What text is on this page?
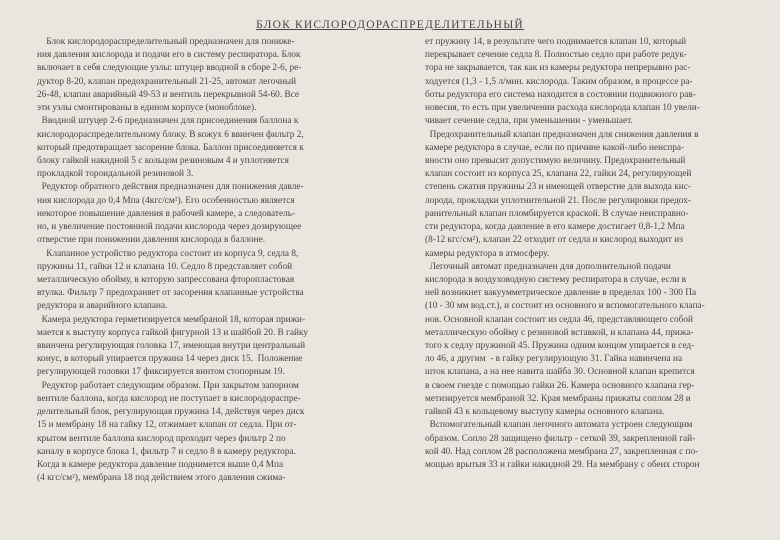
БЛОК КИСЛОРОДОРАСПРЕДЕЛИТЕЛЬНЫЙ
Блок кислородораспределительный предназначен для пониже-
ния давления кислорода и подачи его в систему респиратора. Блок
включает в себя следующие узлы: штуцер вводной в сборе 2-6, ре-
дуктор 8-20, клапан предохранительный 21-25, автомат легочный
26-48, клапан аварийный 49-53 и вентиль перекрывной 54-60. Все
эти узлы смонтированы в едином корпусе (моноблоке).
Вводной штуцер 2-6 предназначен для присоединения баллона к
кислородораспределительному блоку. В кожух 6 ввинчен фильтр 2,
который предотвращает засорение блока. Баллон присоединяется к
блоку гайкой накидной 5 с кольцом резиновым 4 и уплотняется
прокладкой тороидальной резиновой 3.
Редуктор обратного действия предназначен для понижения давле-
ния кислорода до 0,4 Мпа (4кгс/см²). Его особенностью является
некоторое повышение давления в рабочей камере, а следователь-
но, и увеличение постоянной подачи кислорода через дозирующее
отверстие при понижении давления кислорода в баллоне.
Клапанное устройство редуктора состоит из корпуса 9, седла 8,
пружины 11, гайки 12 и клапана 10. Седло 8 представляет собой
металлическую обойму, в которую запрессована фторопластовая
втулка. Фильтр 7 предохраняет от засорения клапанные устройства
редуктора и аварийного клапана.
Камера редуктора герметизируется мембраной 18, которая прижи-
мается к выступу корпуса гайкой фигурной 13 и шайбой 20. В гайку
ввинчена регулирующая головка 17, имеющая внутри центральный
конус, в который упирается пружина 14 через диск 15.  Положение
регулирующей головки 17 фиксируется винтом стопорным 19.
Редуктор работает следующим образом. При закрытом запорном
вентиле баллона, когда кислород не поступает в кислородораспре-
делительный блок, регулирующая пружина 14, действуя через диск
15 и мембрану 18 на гайку 12, отжимает клапан от седла. При от-
крытом вентиле баллона кислород проходит через фильтр 2 по
каналу в корпусе блока 1, фильтр 7 и седло 8 в камеру редуктора.
Когда в камере редуктора давление поднимется выше 0,4 Мпа
(4 кгс/см²), мембрана 18 под действием этого давления сжима-
ет пружину 14, в результате чего поднимается клапан 10, который
перекрывает сечение седла 8. Полностью седло при работе редук-
тора не закрывается, так как из камеры редуктора непрерывно рас-
ходуется (1,3 - 1,5 л/мин. кислорода. Таким образом, в процессе ра-
боты редуктора его система находится в состоянии подвижного рав-
новесия, то есть при увеличении расхода кислорода клапан 10 увели-
чивает сечение седла, при уменьшении - уменьшает.
Предохранительный клапан предназначен для снижения давления в
камере редуктора в случае, если по причине какой-либо неиспра-
вности оно превысит допустимую величину. Предохранительный
клапан состоит из корпуса 25, клапана 22, гайки 24, регулирующей
степень сжатия пружины 23 и имеющей отверстие для выхода кис-
лорода, прокладки уплотнительной 21. После регулировки предох-
ранительный клапан пломбируется краской. В случае неисправно-
сти редуктора, когда давление в его камере достигает 0,8-1,2 Мпа
(8-12 кгс/см²), клапан 22 отходит от седла и кислород выходит из
камеры редуктора в атмосферу.
Легочный автомат предназначен для дополнительной подачи
кислорода в воздуховодную систему респиратора в случае, если в
ней возникнет вакуумметрическое давление в пределах 100 - 300 Па
(10 - 30 мм вод.ст.), и состоит из основного и вспомогательного клапа-
нов. Основной клапан состоит из седла 46, представляющего собой
металлическую обойму с резиновой вставкой, и клапана 44, прижа-
того к седлу пружиной 45. Пружина одним концом упирается в сед-
ло 46, а другим  - в гайку регулирующую 31. Гайка навинчена на
шток клапана, а на нее навита шайба 30. Основной клапан крепится
в своем гнезде с помощью гайки 26. Камера основного клапана гер-
метизируется мембраной 32. Края мембраны прижаты соплом 28 и
гайкой 43 к кольцевому выступу камеры основного клапана.
Вспомогательный клапан легочного автомата устроен следующим
образом. Сопло 28 защищено фильтр - сеткой 39, закрепленной гай-
кой 40. Над соплом 28 расположена мембрана 27, закрепленная с по-
мощью врытыя 33 и гайки накидной 29. На мембрану с обеих сторон
